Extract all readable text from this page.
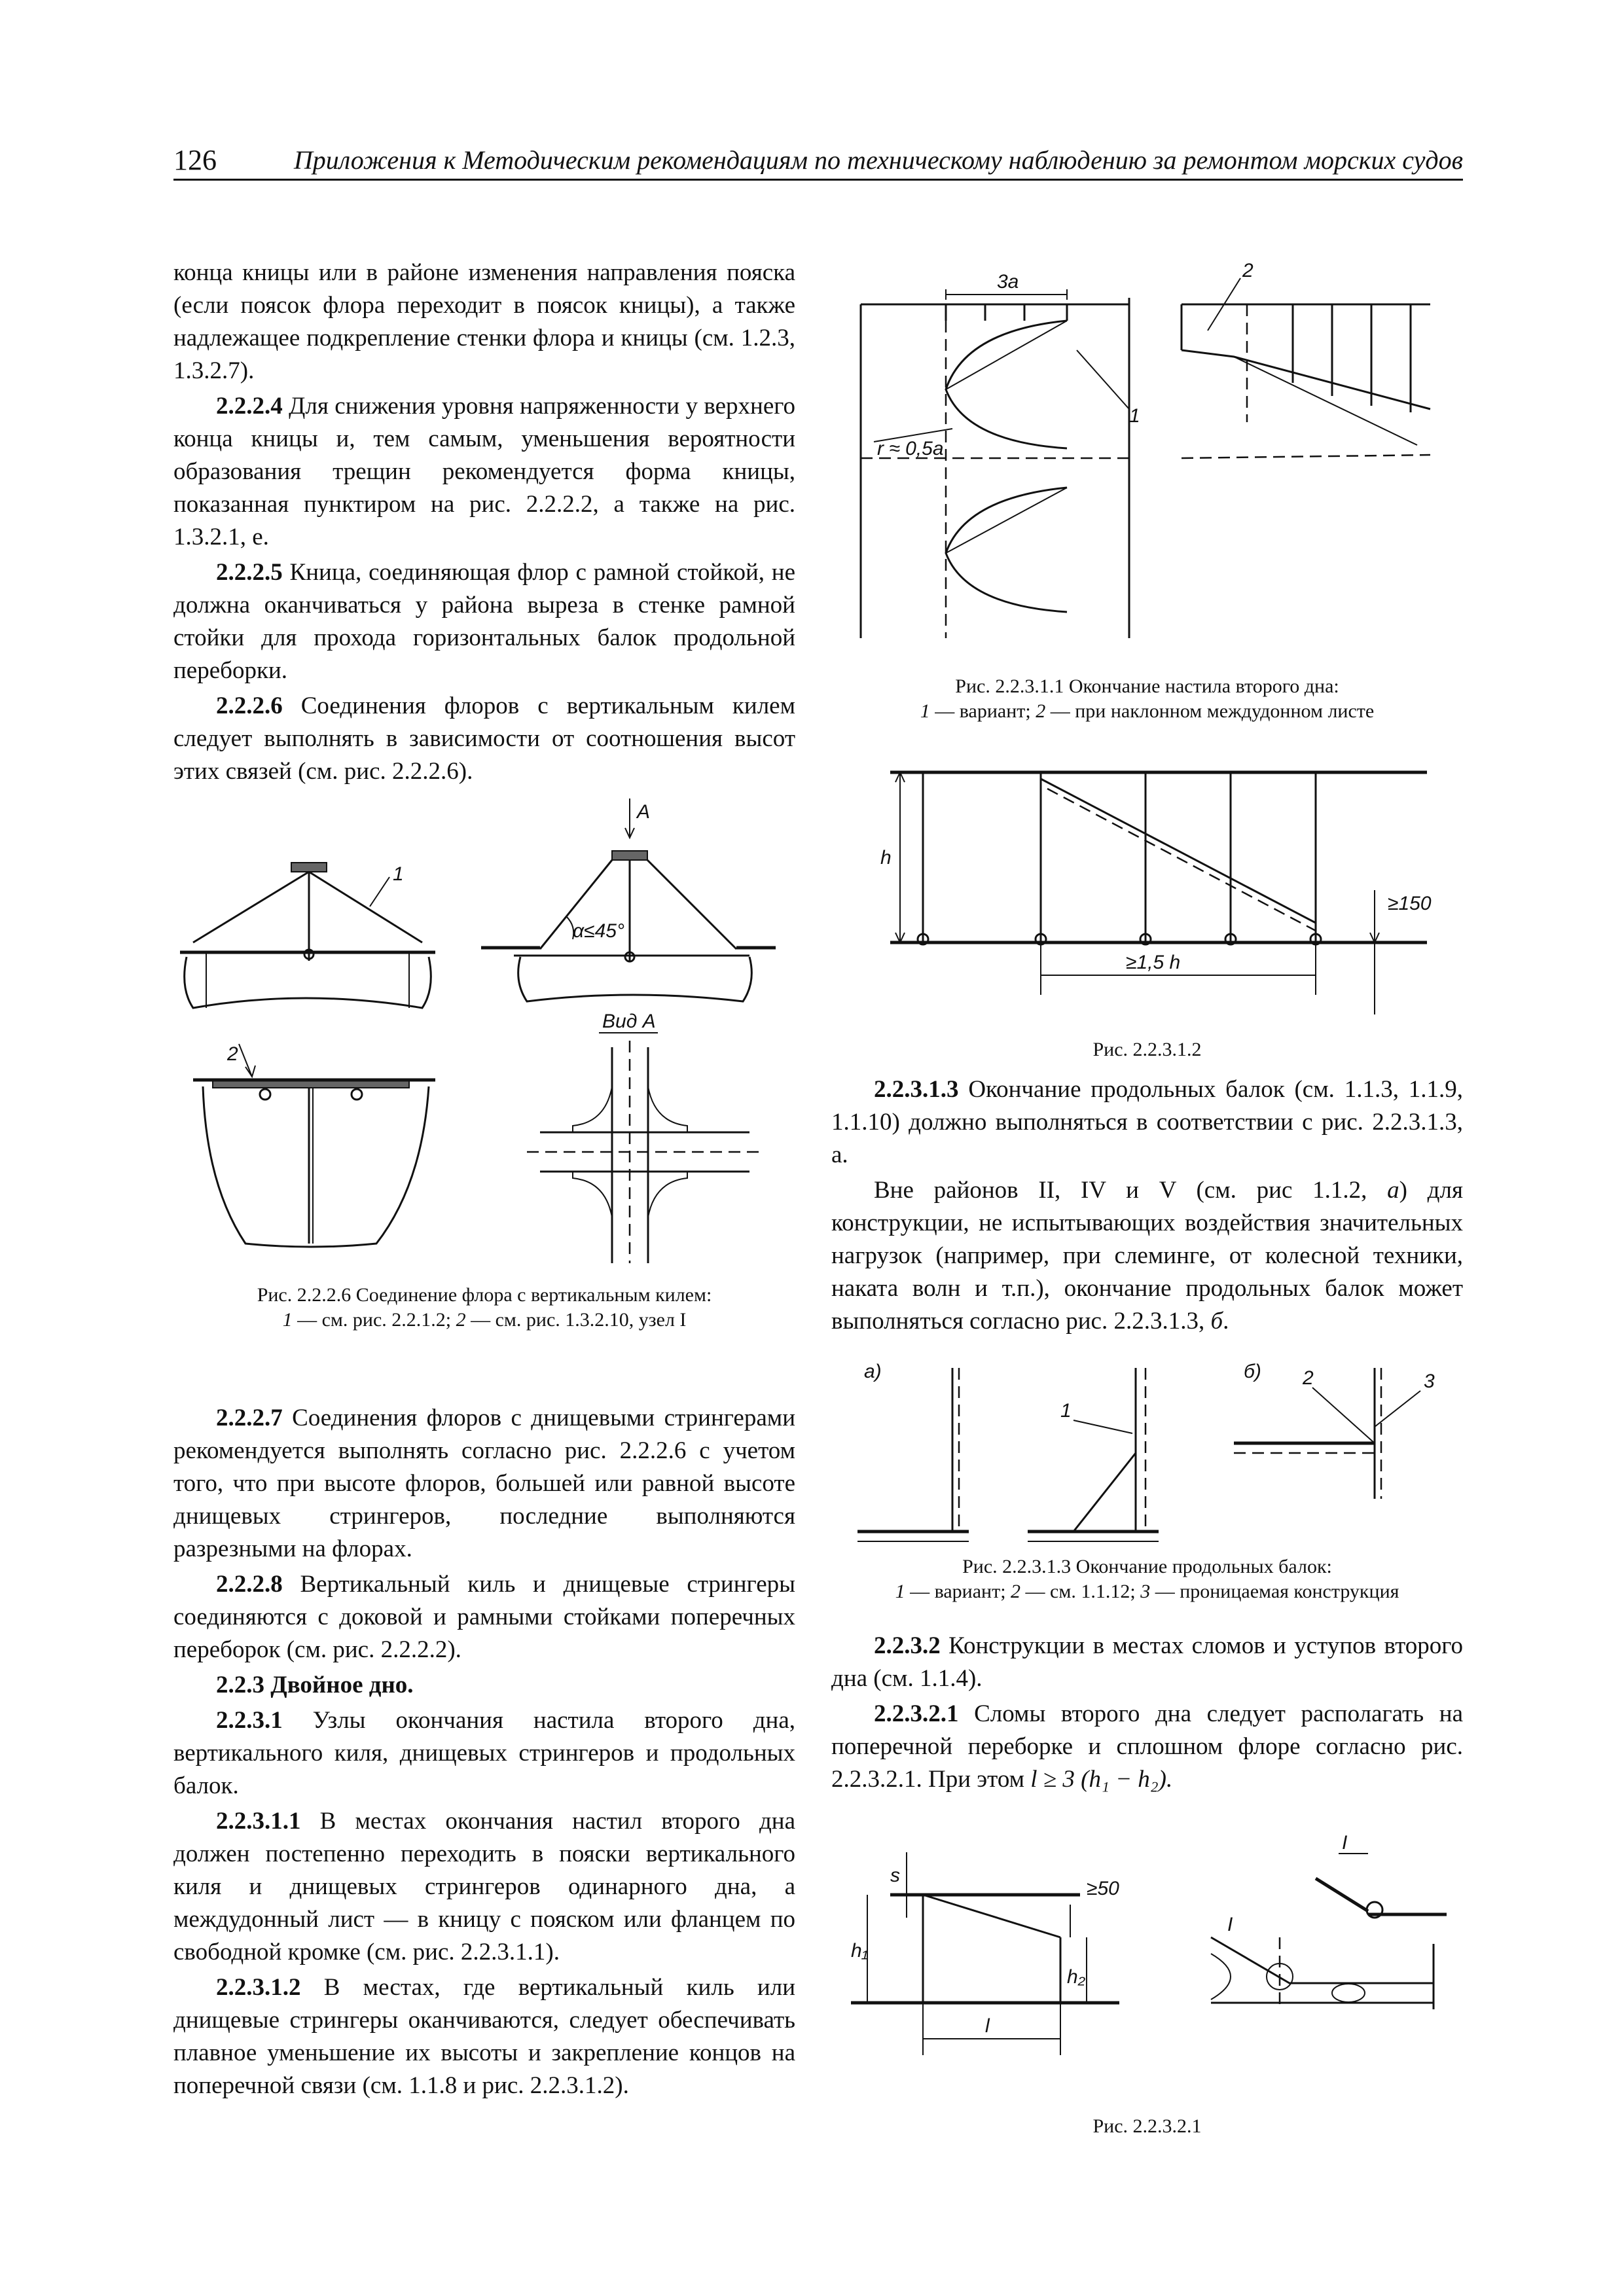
126	Приложения к Методическим рекомендациям по техническому наблюдению за ремонтом морских судов

конца кницы или в районе изменения направления пояска (если поясок флора переходит в поясок кницы), а также надлежащее подкрепление стенки флора и кницы (см. 1.2.3, 1.3.2.7).

2.2.2.4 Для снижения уровня напряженности у верхнего конца кницы и, тем самым, уменьшения вероятности образования трещин рекомендуется форма кницы, показанная пунктиром на рис. 2.2.2.2, а также на рис. 1.3.2.1, е.

2.2.2.5 Кница, соединяющая флор с рамной стойкой, не должна оканчиваться у района выреза в стенке рамной стойки для прохода горизонтальных балок продольной переборки.

2.2.2.6 Соединения флоров с вертикальным килем следует выполнять в зависимости от соотношения высот этих связей (см. рис. 2.2.2.6).

1
A
α≤45°
Вид A
2
Рис. 2.2.2.6 Соединение флора с вертикальным килем:
1 — см. рис. 2.2.1.2; 2 — см. рис. 1.3.2.10, узел I

2.2.2.7 Соединения флоров с днищевыми стрингерами рекомендуется выполнять согласно рис. 2.2.2.6 с учетом того, что при высоте флоров, большей или равной высоте днищевых стрингеров, последние выполняются разрезными на флорах.

2.2.2.8 Вертикальный киль и днищевые стрингеры соединяются с доковой и рамными стойками поперечных переборок (см. рис. 2.2.2.2).

2.2.3 Двойное дно.

2.2.3.1 Узлы окончания настила второго дна, вертикального киля, днищевых стрингеров и продольных балок.

2.2.3.1.1 В местах окончания настил второго дна должен постепенно переходить в пояски вертикального киля и днищевых стрингеров одинарного дна, а междудонный лист — в кницу с пояском или фланцем по свободной кромке (см. рис. 2.2.3.1.1).

2.2.3.1.2 В местах, где вертикальный киль или днищевые стрингеры оканчиваются, следует обеспечивать плавное уменьшение их высоты и закрепление концов на поперечной связи (см. 1.1.8 и рис. 2.2.3.1.2).

3a
r ≈ 0,5a
1
2
Рис. 2.2.3.1.1 Окончание настила второго дна:
1 — вариант; 2 — при наклонном междудонном листе
h
≥150
≥1,5 h
Рис. 2.2.3.1.2

2.2.3.1.3 Окончание продольных балок (см. 1.1.3, 1.1.9, 1.1.10) должно выполняться в соответствии с рис. 2.2.3.1.3, а.

Вне районов II, IV и V (см. рис 1.1.2, а) для конструкции, не испытывающих воздействия значительных нагрузок (например, при слеминге, от колесной техники, наката волн и т.п.), окончание продольных балок может выполняться согласно рис. 2.2.3.1.3, б.

а)
1
б) 2	3
Рис. 2.2.3.1.3 Окончание продольных балок:
1 — вариант; 2 — см. 1.1.12; 3 — проницаемая конструкция

2.2.3.2 Конструкции в местах сломов и уступов второго дна (см. 1.1.4).

2.2.3.2.1 Сломы второго дна следует располагать на поперечной переборке и сплошном флоре согласно рис. 2.2.3.2.1. При этом l ≥ 3 (h₁ − h₂).

s
h₁
h₂
≥50
l
I
I
Рис. 2.2.3.2.1
